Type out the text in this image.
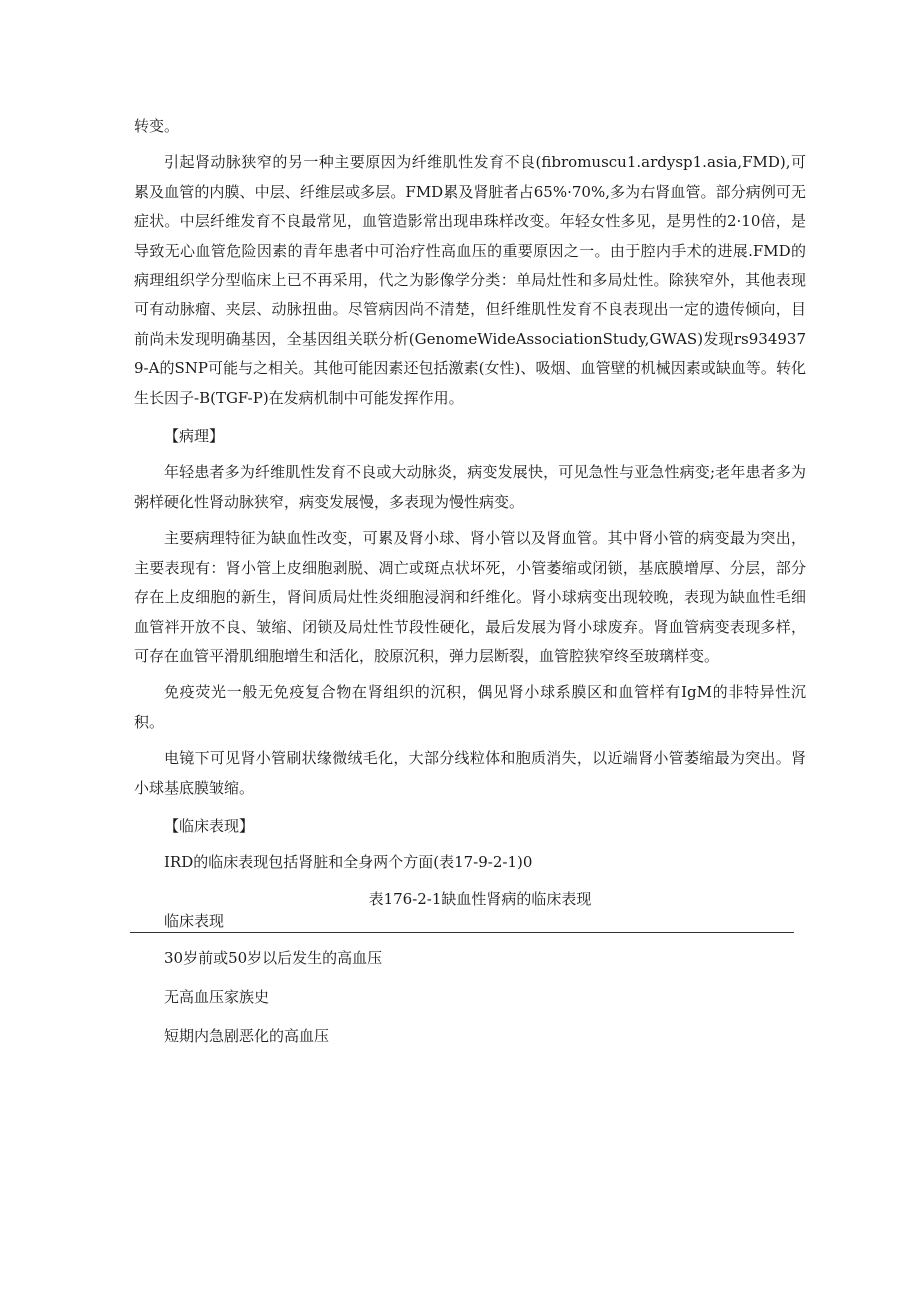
转变。

引起肾动脉狭窄的另一种主要原因为纤维肌性发育不良(fibromuscu1.ardysp1.asia,FMD),可累及血管的内膜、中层、纤维层或多层。FMD累及肾脏者占65%·70%,多为右肾血管。部分病例可无症状。中层纤维发育不良最常见，血管造影常出现串珠样改变。年轻女性多见，是男性的2·10倍，是导致无心血管危险因素的青年患者中可治疗性高血压的重要原因之一。由于腔内手术的进展.FMD的病理组织学分型临床上已不再采用，代之为影像学分类：单局灶性和多局灶性。除狭窄外，其他表现可有动脉瘤、夹层、动脉扭曲。尽管病因尚不清楚，但纤维肌性发育不良表现出一定的遗传倾向，目前尚未发现明确基因，全基因组关联分析(GenomeWideAssociationStudy,GWAS)发现rs9349379-A的SNP可能与之相关。其他可能因素还包括激素(女性)、吸烟、血管壁的机械因素或缺血等。转化生长因子-B(TGF-P)在发病机制中可能发挥作用。

【病理】

年轻患者多为纤维肌性发育不良或大动脉炎，病变发展快，可见急性与亚急性病变;老年患者多为粥样硬化性肾动脉狭窄，病变发展慢，多表现为慢性病变。

主要病理特征为缺血性改变，可累及肾小球、肾小管以及肾血管。其中肾小管的病变最为突出，主要表现有：肾小管上皮细胞剥脱、凋亡或斑点状坏死，小管萎缩或闭锁，基底膜增厚、分层，部分存在上皮细胞的新生，肾间质局灶性炎细胞浸润和纤维化。肾小球病变出现较晚，表现为缺血性毛细血管袢开放不良、皱缩、闭锁及局灶性节段性硬化，最后发展为肾小球废弃。肾血管病变表现多样，可存在血管平滑肌细胞增生和活化，胶原沉积，弹力层断裂，血管腔狭窄终至玻璃样变。

免疫荧光一般无免疫复合物在肾组织的沉积，偶见肾小球系膜区和血管样有IgM的非特异性沉积。

电镜下可见肾小管刷状缘微绒毛化，大部分线粒体和胞质消失，以近端肾小管萎缩最为突出。肾小球基底膜皱缩。

【临床表现】

IRD的临床表现包括肾脏和全身两个方面(表17-9-2-1)0

表176-2-1缺血性肾病的临床表现
临床表现
30岁前或50岁以后发生的高血压
无高血压家族史
短期内急剧恶化的高血压
